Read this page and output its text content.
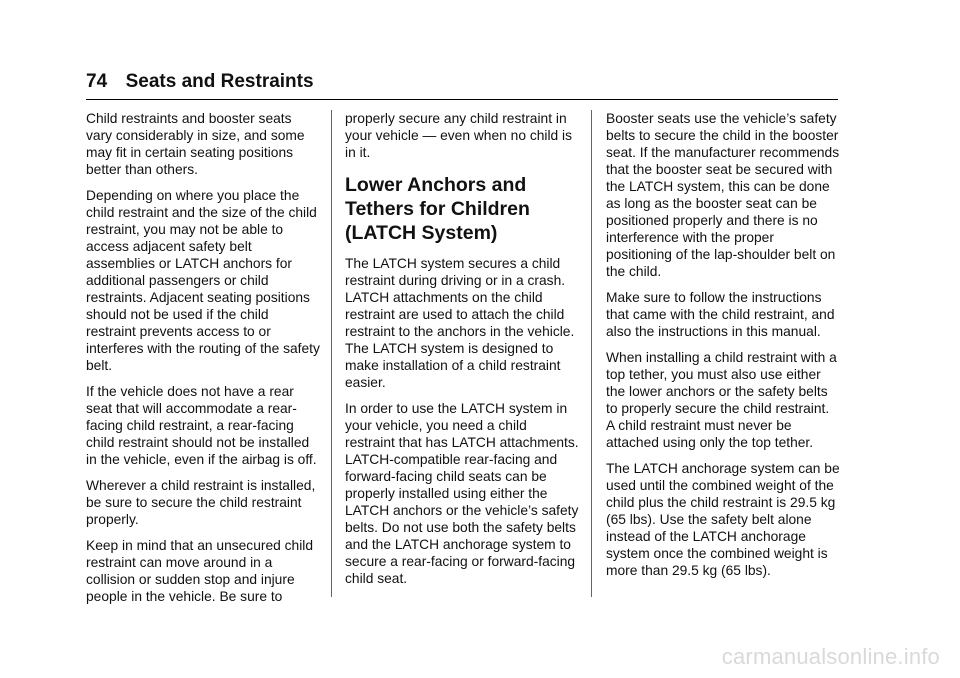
74 Seats and Restraints

Child restraints and booster seats vary considerably in size, and some may fit in certain seating positions better than others.

Depending on where you place the child restraint and the size of the child restraint, you may not be able to access adjacent safety belt assemblies or LATCH anchors for additional passengers or child restraints. Adjacent seating positions should not be used if the child restraint prevents access to or interferes with the routing of the safety belt.

If the vehicle does not have a rear seat that will accommodate a rear-facing child restraint, a rear-facing child restraint should not be installed in the vehicle, even if the airbag is off.

Wherever a child restraint is installed, be sure to secure the child restraint properly.

Keep in mind that an unsecured child restraint can move around in a collision or sudden stop and injure people in the vehicle. Be sure to

properly secure any child restraint in your vehicle — even when no child is in it.

Lower Anchors and Tethers for Children (LATCH System)

The LATCH system secures a child restraint during driving or in a crash. LATCH attachments on the child restraint are used to attach the child restraint to the anchors in the vehicle. The LATCH system is designed to make installation of a child restraint easier.

In order to use the LATCH system in your vehicle, you need a child restraint that has LATCH attachments. LATCH-compatible rear-facing and forward-facing child seats can be properly installed using either the LATCH anchors or the vehicle’s safety belts. Do not use both the safety belts and the LATCH anchorage system to secure a rear-facing or forward-facing child seat.

Booster seats use the vehicle’s safety belts to secure the child in the booster seat. If the manufacturer recommends that the booster seat be secured with the LATCH system, this can be done as long as the booster seat can be positioned properly and there is no interference with the proper positioning of the lap-shoulder belt on the child.

Make sure to follow the instructions that came with the child restraint, and also the instructions in this manual.

When installing a child restraint with a top tether, you must also use either the lower anchors or the safety belts to properly secure the child restraint. A child restraint must never be attached using only the top tether.

The LATCH anchorage system can be used until the combined weight of the child plus the child restraint is 29.5 kg (65 lbs). Use the safety belt alone instead of the LATCH anchorage system once the combined weight is more than 29.5 kg (65 lbs).

carmanualsonline.info
